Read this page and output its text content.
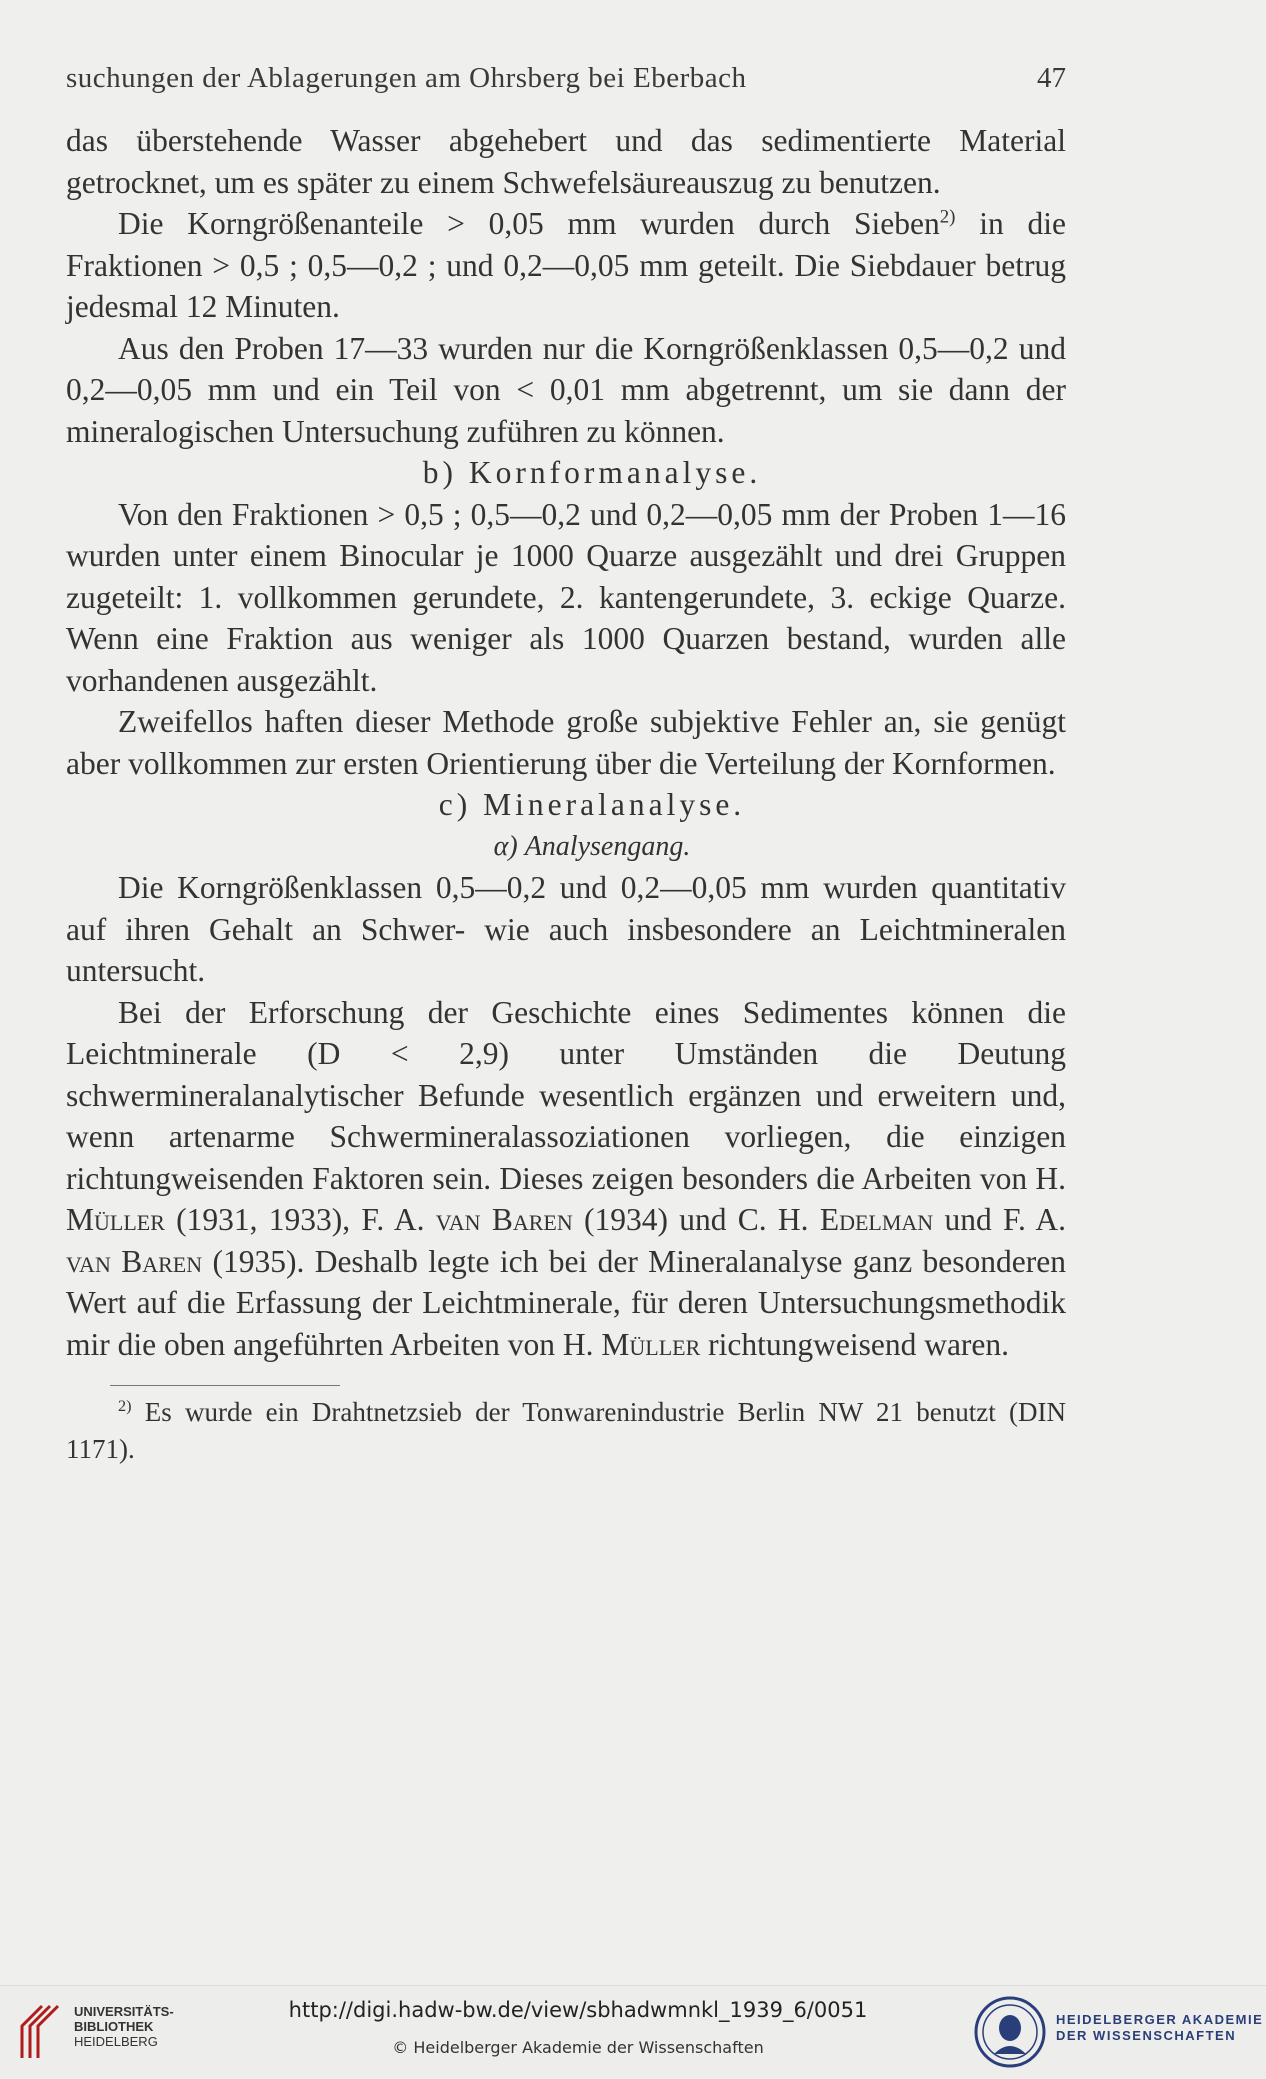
suchungen der Ablagerungen am Ohrsberg bei Eberbach	47

das überstehende Wasser abgehebert und das sedimentierte Material getrocknet, um es später zu einem Schwefelsäureauszug zu benutzen.

Die Korngrößenanteile > 0,05 mm wurden durch Sieben$^{2)}$ in die Fraktionen > 0,5 ; 0,5—0,2 ; und 0,2—0,05 mm geteilt. Die Siebdauer betrug jedesmal 12 Minuten.

Aus den Proben 17—33 wurden nur die Korngrößenklassen 0,5—0,2 und 0,2—0,05 mm und ein Teil von < 0,01 mm abgetrennt, um sie dann der mineralogischen Untersuchung zuführen zu können.

b) Kornformanalyse.

Von den Fraktionen > 0,5 ; 0,5—0,2 und 0,2—0,05 mm der Proben 1—16 wurden unter einem Binocular je 1000 Quarze ausgezählt und drei Gruppen zugeteilt: 1. vollkommen gerundete, 2. kantengerundete, 3. eckige Quarze. Wenn eine Fraktion aus weniger als 1000 Quarzen bestand, wurden alle vorhandenen ausgezählt.

Zweifellos haften dieser Methode große subjektive Fehler an, sie genügt aber vollkommen zur ersten Orientierung über die Verteilung der Kornformen.

c) Mineralanalyse.

α) Analysengang.

Die Korngrößenklassen 0,5—0,2 und 0,2—0,05 mm wurden quantitativ auf ihren Gehalt an Schwer- wie auch insbesondere an Leichtmineralen untersucht.

Bei der Erforschung der Geschichte eines Sedimentes können die Leichtminerale (D < 2,9) unter Umständen die Deutung schwermineralanalytischer Befunde wesentlich ergänzen und erweitern und, wenn artenarme Schwermineralassoziationen vorliegen, die einzigen richtungweisenden Faktoren sein. Dieses zeigen besonders die Arbeiten von H. Müller (1931, 1933), F. A. van Baren (1934) und C. H. Edelman und F. A. van Baren (1935). Deshalb legte ich bei der Mineralanalyse ganz besonderen Wert auf die Erfassung der Leichtminerale, für deren Untersuchungsmethodik mir die oben angeführten Arbeiten von H. Müller richtungweisend waren.

$^{2)}$ Es wurde ein Drahtnetzsieb der Tonwarenindustrie Berlin NW 21 benutzt (DIN 1171).

UNIVERSITÄTS-
BIBLIOTHEK
HEIDELBERG
http://digi.hadw-bw.de/view/sbhadwmnkl_1939_6/0051
© Heidelberger Akademie der Wissenschaften
HEIDELBERGER AKADEMIE
DER WISSENSCHAFTEN
